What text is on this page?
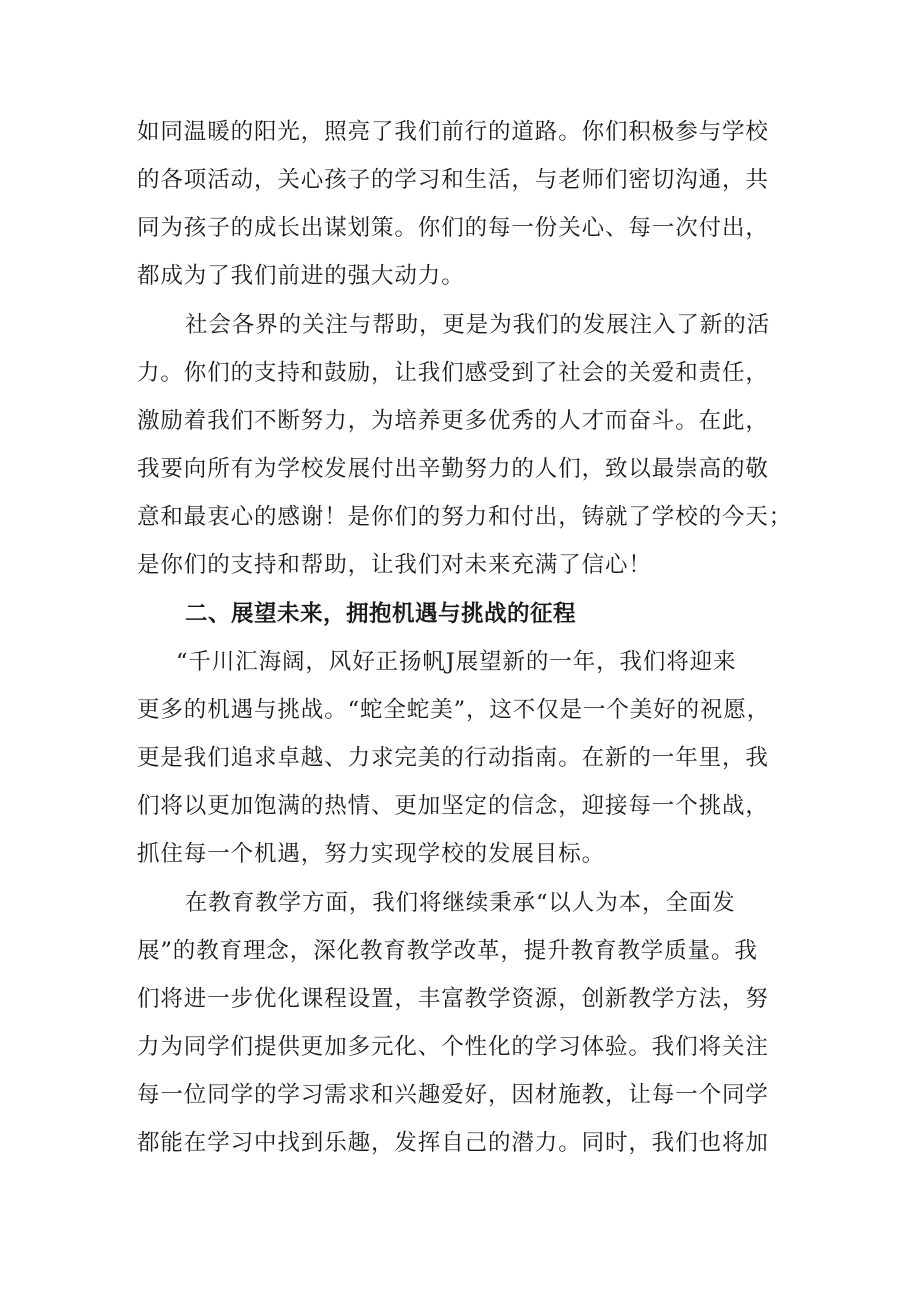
如同温暖的阳光，照亮了我们前行的道路。你们积极参与学校
的各项活动，关心孩子的学习和生活，与老师们密切沟通，共
同为孩子的成长出谋划策。你们的每一份关心、每一次付出，
都成为了我们前进的强大动力。
社会各界的关注与帮助，更是为我们的发展注入了新的活
力。你们的支持和鼓励，让我们感受到了社会的关爱和责任，
激励着我们不断努力，为培养更多优秀的人才而奋斗。在此，
我要向所有为学校发展付出辛勤努力的人们，致以最崇高的敬
意和最衷心的感谢！是你们的努力和付出，铸就了学校的今天；
是你们的支持和帮助，让我们对未来充满了信心！
二、展望未来，拥抱机遇与挑战的征程
“千川汇海阔，风好正扬帆J展望新的一年，我们将迎来
更多的机遇与挑战。“蛇全蛇美”，这不仅是一个美好的祝愿，
更是我们追求卓越、力求完美的行动指南。在新的一年里，我
们将以更加饱满的热情、更加坚定的信念，迎接每一个挑战，
抓住每一个机遇，努力实现学校的发展目标。
在教育教学方面，我们将继续秉承“以人为本，全面发
展”的教育理念，深化教育教学改革，提升教育教学质量。我
们将进一步优化课程设置，丰富教学资源，创新教学方法，努
力为同学们提供更加多元化、个性化的学习体验。我们将关注
每一位同学的学习需求和兴趣爱好，因材施教，让每一个同学
都能在学习中找到乐趣，发挥自己的潜力。同时，我们也将加
